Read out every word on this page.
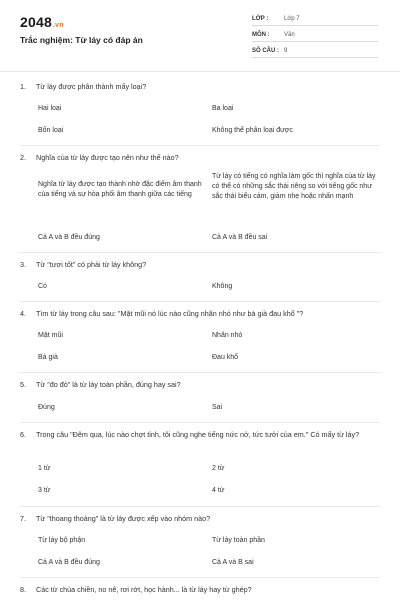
2048.vn
Trắc nghiệm: Từ láy có đáp án
LỚP :	Lớp 7
MÔN : Văn
SỐ CÂU : 9
1. Từ láy được phân thành mấy loại?
Hai loại	Ba loại
Bốn loại	Không thể phân loại được
2. Nghĩa của từ láy được tạo nên như thế nào?
Nghĩa từ láy được tạo thành nhờ đặc điểm âm thanh của tiếng và sự hòa phối âm thanh giữa các tiếng
Từ láy có tiếng có nghĩa làm gốc thì nghĩa của từ láy có thể có những sắc thái riêng so với tiếng gốc như sắc thái biểu cảm, giảm nhẹ hoặc nhấn mạnh
Cả A và B đều đúng	Cả A và B đều sai
3. Từ "tươi tốt" có phải từ láy không?
Có	Không
4. Tìm từ láy trong câu sau: "Mặt mũi nó lúc nào cũng nhăn nhó như bà già đau khổ "?
Mặt mũi	Nhăn nhó
Bà già	Đau khổ
5. Từ "đo đỏ" là từ láy toàn phần, đúng hay sai?
Đúng	Sai
6. Trong câu "Đêm qua, lúc nào chợt tỉnh, tôi cũng nghe tiếng nức nở, tức tưởi của em." Có mấy từ láy?
1 từ	2 từ
3 từ	4 từ
7. Từ "thoang thoảng" là từ láy được xếp vào nhóm nào?
Từ láy bộ phận	Từ láy toàn phần
Cả A và B đều đúng	Cả A và B sai
8. Các từ chùa chiền, no nê, rơi rớt, học hành... là từ láy hay từ ghép?
